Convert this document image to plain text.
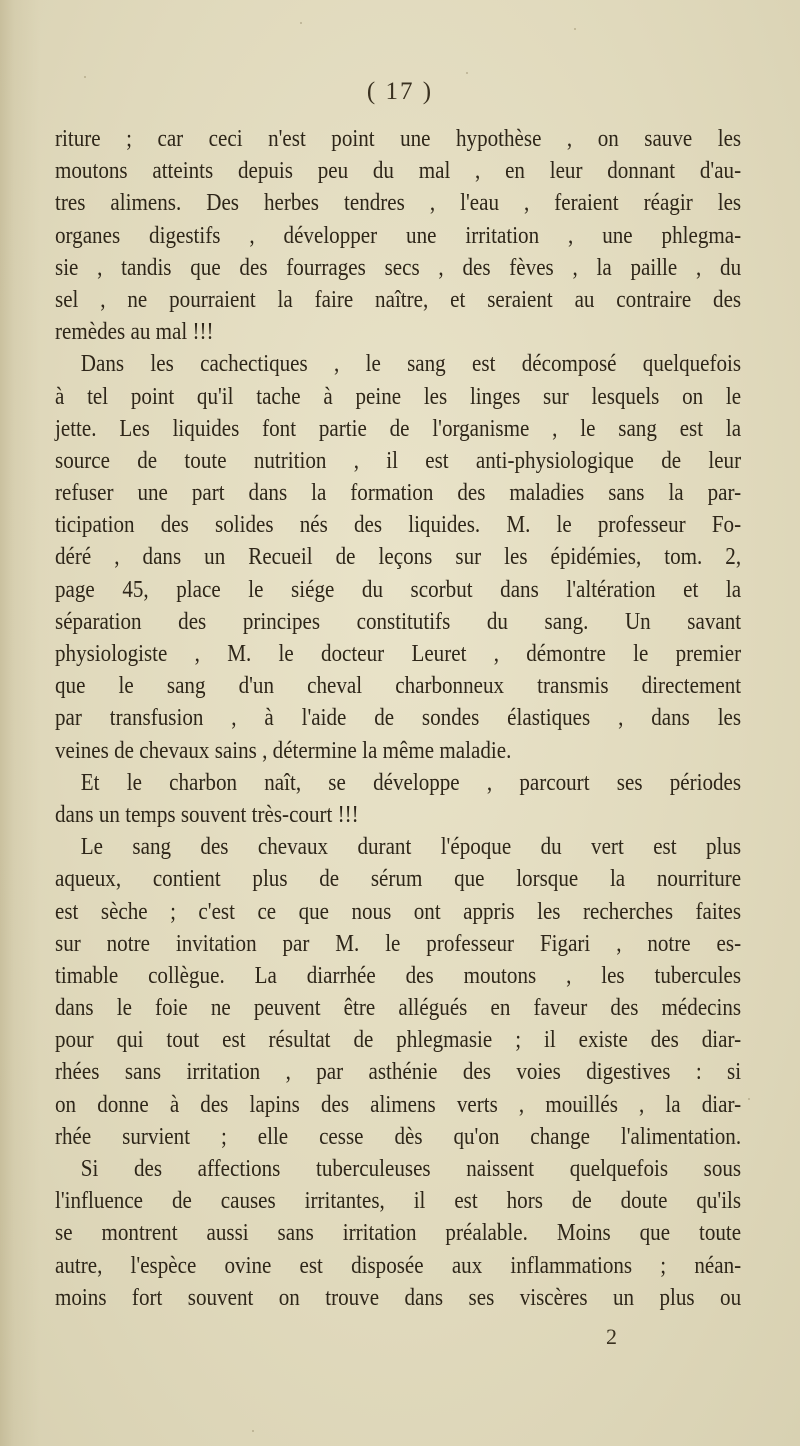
( 17 )
riture ; car ceci n'est point une hypothèse , on sauve les
moutons atteints depuis peu du mal , en leur donnant d'au-
tres alimens. Des herbes tendres , l'eau , feraient réagir les
organes digestifs , développer une irritation , une phlegma-
sie , tandis que des fourrages secs , des fèves , la paille , du
sel , ne pourraient la faire naître, et seraient au contraire des
remèdes au mal !!!
Dans les cachectiques , le sang est décomposé quelquefois
à tel point qu'il tache à peine les linges sur lesquels on le
jette. Les liquides font partie de l'organisme , le sang est la
source de toute nutrition , il est anti-physiologique de leur
refuser une part dans la formation des maladies sans la par-
ticipation des solides nés des liquides. M. le professeur Fo-
déré , dans un Recueil de leçons sur les épidémies, tom. 2,
page 45, place le siége du scorbut dans l'altération et la
séparation des principes constitutifs du sang. Un savant
physiologiste , M. le docteur Leuret , démontre le premier
que le sang d'un cheval charbonneux transmis directement
par transfusion , à l'aide de sondes élastiques , dans les
veines de chevaux sains , détermine la même maladie.
Et le charbon naît, se développe , parcourt ses périodes
dans un temps souvent très-court !!!
Le sang des chevaux durant l'époque du vert est plus
aqueux, contient plus de sérum que lorsque la nourriture
est sèche ; c'est ce que nous ont appris les recherches faites
sur notre invitation par M. le professeur Figari , notre es-
timable collègue. La diarrhée des moutons , les tubercules
dans le foie ne peuvent être allégués en faveur des médecins
pour qui tout est résultat de phlegmasie ; il existe des diar-
rhées sans irritation , par asthénie des voies digestives : si
on donne à des lapins des alimens verts , mouillés , la diar-
rhée survient ; elle cesse dès qu'on change l'alimentation.
Si des affections tuberculeuses naissent quelquefois sous
l'influence de causes irritantes, il est hors de doute qu'ils
se montrent aussi sans irritation préalable. Moins que toute
autre, l'espèce ovine est disposée aux inflammations ; néan-
moins fort souvent on trouve dans ses viscères un plus ou
2
